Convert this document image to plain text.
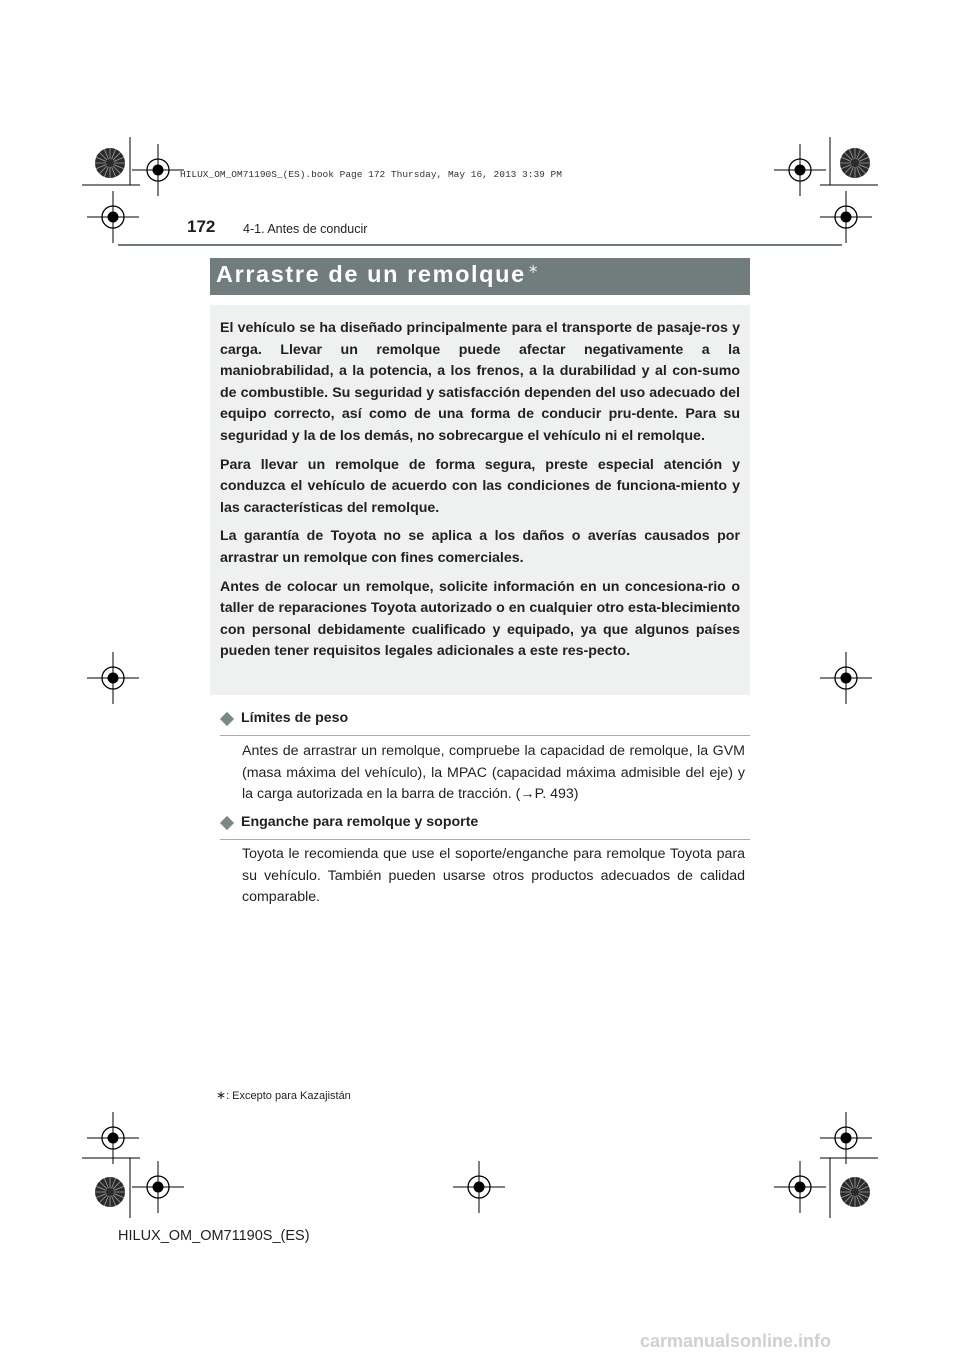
HILUX_OM_OM71190S_(ES).book Page 172 Thursday, May 16, 2013 3:39 PM
172 4-1. Antes de conducir
Arrastre de un remolque ∗

El vehículo se ha diseñado principalmente para el transporte de pasaje-ros y carga. Llevar un remolque puede afectar negativamente a la maniobrabilidad, a la potencia, a los frenos, a la durabilidad y al con-sumo de combustible. Su seguridad y satisfacción dependen del uso adecuado del equipo correcto, así como de una forma de conducir pru-dente. Para su seguridad y la de los demás, no sobrecargue el vehículo ni el remolque.

Para llevar un remolque de forma segura, preste especial atención y conduzca el vehículo de acuerdo con las condiciones de funciona-miento y las características del remolque.

La garantía de Toyota no se aplica a los daños o averías causados por arrastrar un remolque con fines comerciales.

Antes de colocar un remolque, solicite información en un concesiona-rio o taller de reparaciones Toyota autorizado o en cualquier otro esta-blecimiento con personal debidamente cualificado y equipado, ya que algunos países pueden tener requisitos legales adicionales a este res-pecto.

Límites de peso

Antes de arrastrar un remolque, compruebe la capacidad de remolque, la GVM (masa máxima del vehículo), la MPAC (capacidad máxima admisible del eje) y la carga autorizada en la barra de tracción. (→P. 493)

Enganche para remolque y soporte

Toyota le recomienda que use el soporte/enganche para remolque Toyota para su vehículo. También pueden usarse otros productos adecuados de calidad comparable.

∗: Excepto para Kazajistán
HILUX_OM_OM71190S_(ES)
carmanualsonline.info
